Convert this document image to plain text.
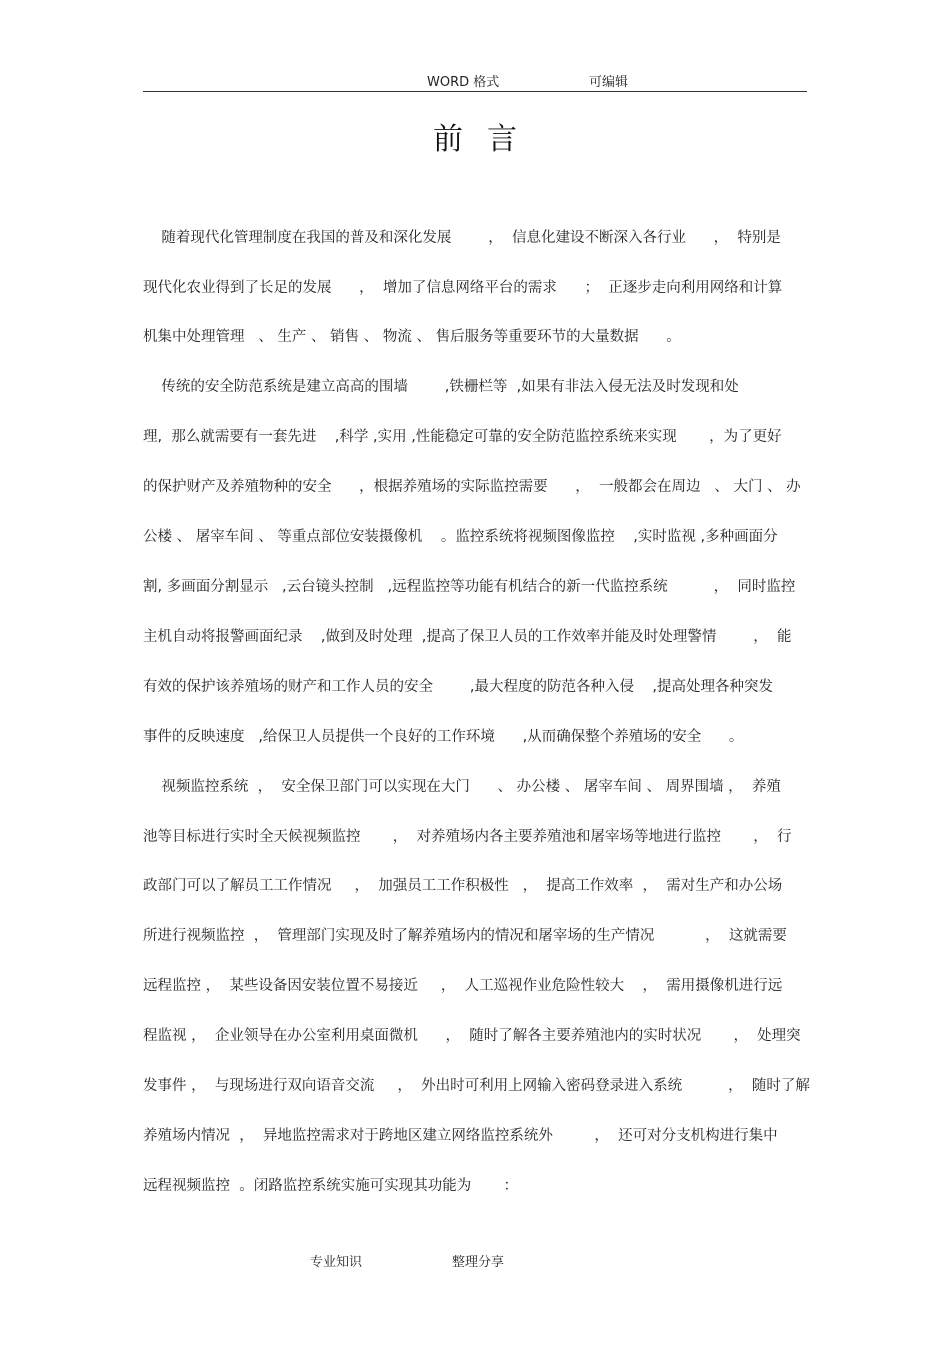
WORD 格式	可编辑
前言
随着现代化管理制度在我国的普及和深化发展        ，  信息化建设不断深入各行业      ，  特别是
现代化农业得到了长足的发展      ，  增加了信息网络平台的需求      ；  正逐步走向利用网络和计算
机集中处理管理   、 生产 、 销售 、 物流 、 售后服务等重要环节的大量数据      。
传统的安全防范系统是建立高高的围墙        ,铁栅栏等  ,如果有非法入侵无法及时发现和处
理,  那么就需要有一套先进    ,科学 ,实用 ,性能稳定可靠的安全防范监控系统来实现       ，为了更好
的保护财产及养殖物种的安全      ，根据养殖场的实际监控需要      ，  一般都会在周边   、 大门 、 办
公楼 、 屠宰车间 、 等重点部位安装摄像机    。监控系统将视频图像监控    ,实时监视 ,多种画面分
割, 多画面分割显示   ,云台镜头控制   ,远程监控等功能有机结合的新一代监控系统          ，  同时监控
主机自动将报警画面纪录    ,做到及时处理  ,提高了保卫人员的工作效率并能及时处理警情        ，  能
有效的保护该养殖场的财产和工作人员的安全        ,最大程度的防范各种入侵    ,提高处理各种突发
事件的反映速度   ,给保卫人员提供一个良好的工作环境      ,从而确保整个养殖场的安全      。
视频监控系统  ，  安全保卫部门可以实现在大门      、 办公楼 、 屠宰车间 、 周界围墙 ，  养殖
池等目标进行实时全天候视频监控       ，  对养殖场内各主要养殖池和屠宰场等地进行监控       ，  行
政部门可以了解员工工作情况     ，  加强员工工作积极性   ，  提高工作效率  ，  需对生产和办公场
所进行视频监控  ，  管理部门实现及时了解养殖场内的情况和屠宰场的生产情况           ，  这就需要
远程监控 ，  某些设备因安装位置不易接近     ，  人工巡视作业危险性较大    ，  需用摄像机进行远
程监视 ，  企业领导在办公室利用桌面微机      ，  随时了解各主要养殖池内的实时状况       ，  处理突
发事件 ，  与现场进行双向语音交流     ，  外出时可利用上网输入密码登录进入系统          ，  随时了解
养殖场内情况  ，  异地监控需求对于跨地区建立网络监控系统外         ，  还可对分支机构进行集中
远程视频监控  。闭路监控系统实施可实现其功能为       ：
专业知识	整理分享
